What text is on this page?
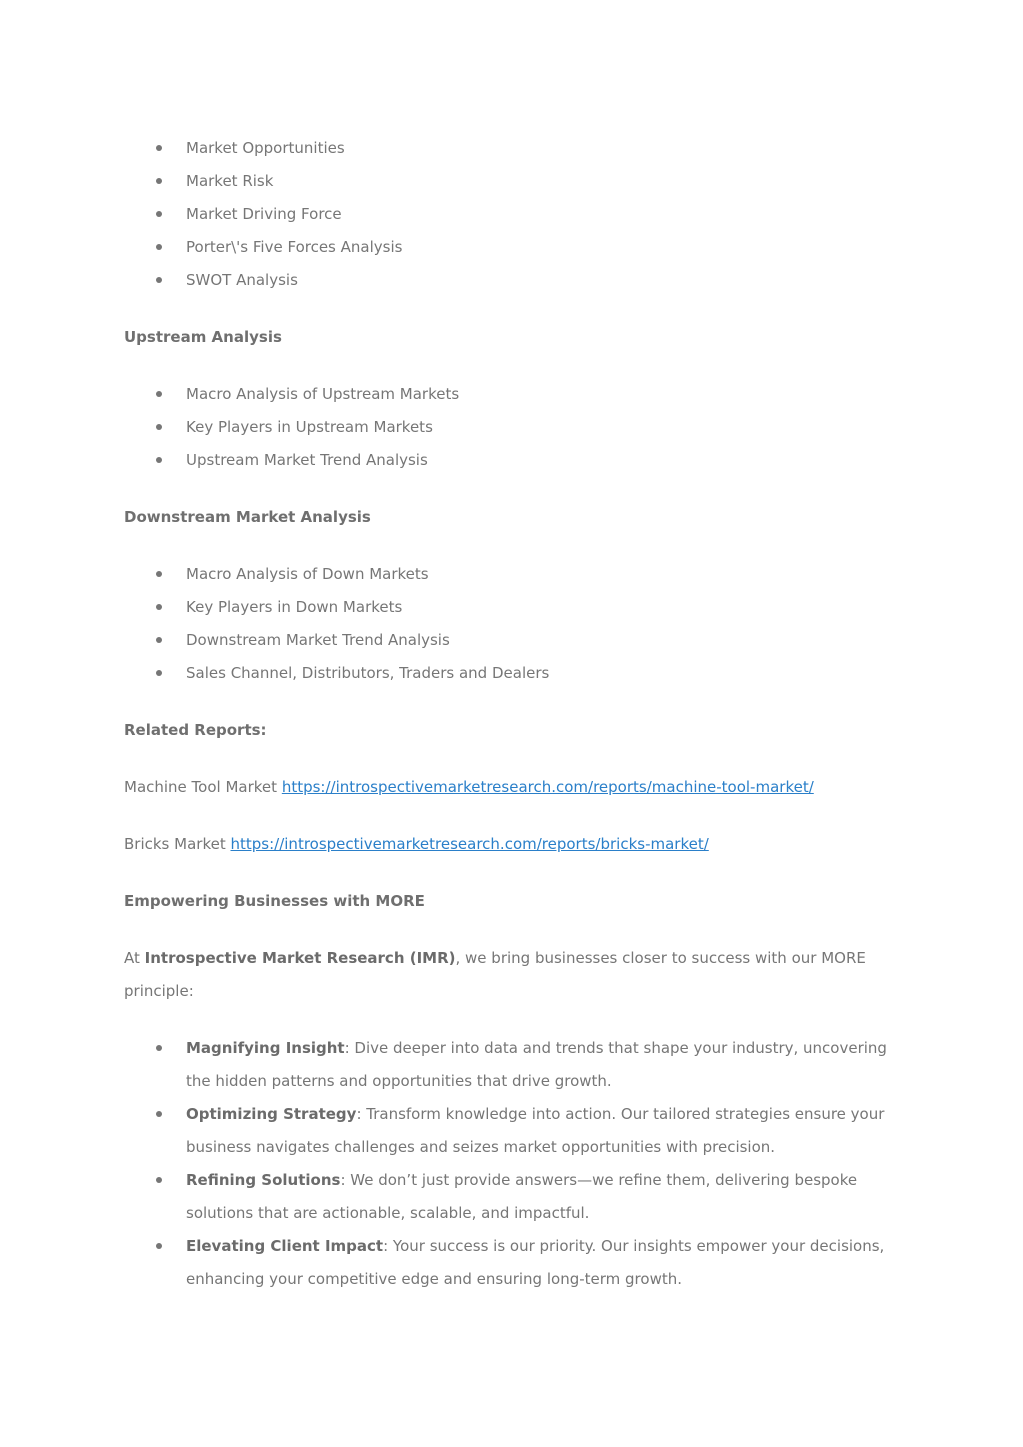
Market Opportunities
Market Risk
Market Driving Force
Porter\'s Five Forces Analysis
SWOT Analysis
Upstream Analysis
Macro Analysis of Upstream Markets
Key Players in Upstream Markets
Upstream Market Trend Analysis
Downstream Market Analysis
Macro Analysis of Down Markets
Key Players in Down Markets
Downstream Market Trend Analysis
Sales Channel, Distributors, Traders and Dealers
Related Reports:
Machine Tool Market https://introspectivemarketresearch.com/reports/machine-tool-market/
Bricks Market https://introspectivemarketresearch.com/reports/bricks-market/
Empowering Businesses with MORE
At Introspective Market Research (IMR), we bring businesses closer to success with our MORE
principle:
Magnifying Insight: Dive deeper into data and trends that shape your industry, uncovering
the hidden patterns and opportunities that drive growth.
Optimizing Strategy: Transform knowledge into action. Our tailored strategies ensure your
business navigates challenges and seizes market opportunities with precision.
Refining Solutions: We don’t just provide answers—we refine them, delivering bespoke
solutions that are actionable, scalable, and impactful.
Elevating Client Impact: Your success is our priority. Our insights empower your decisions,
enhancing your competitive edge and ensuring long-term growth.
